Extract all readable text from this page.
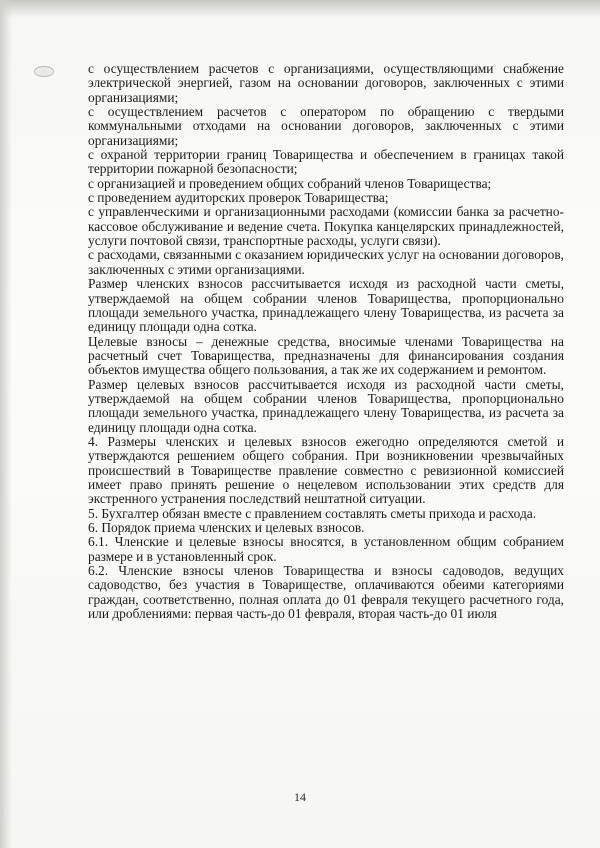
с осуществлением расчетов с организациями, осуществляющими снабжение электрической энергией, газом на основании договоров, заключенных с этими организациями;

с осуществлением расчетов с оператором по обращению с твердыми коммунальными отходами на основании договоров, заключенных с этими организациями;

с охраной территории границ Товарищества и обеспечением в границах такой территории пожарной безопасности;

с организацией и проведением общих собраний членов Товарищества;

с проведением аудиторских проверок Товарищества;

с управленческими и организационными расходами (комиссии банка за расчетно-кассовое обслуживание и ведение счета. Покупка канцелярских принадлежностей, услуги почтовой связи, транспортные расходы, услуги связи).

с расходами, связанными с оказанием юридических услуг на основании договоров, заключенных с этими организациями.

Размер членских взносов рассчитывается исходя из расходной части сметы, утверждаемой на общем собрании членов Товарищества, пропорционально площади земельного участка, принадлежащего члену Товарищества, из расчета за единицу площади одна сотка.

Целевые взносы – денежные средства, вносимые членами Товарищества на расчетный счет Товарищества, предназначены для финансирования создания объектов имущества общего пользования, а так же их содержанием и ремонтом.

Размер целевых взносов рассчитывается исходя из расходной части сметы, утверждаемой на общем собрании членов Товарищества, пропорционально площади земельного участка, принадлежащего члену Товарищества, из расчета за единицу площади одна сотка.

4. Размеры членских и целевых взносов ежегодно определяются сметой и утверждаются решением общего собрания. При возникновении чрезвычайных происшествий в Товариществе правление совместно с ревизионной комиссией имеет право принять решение о нецелевом использовании этих средств для экстренного устранения последствий нештатной ситуации.

5. Бухгалтер обязан вместе с правлением составлять сметы прихода и расхода.

6. Порядок приема членских и целевых взносов.

6.1. Членские и целевые взносы вносятся, в установленном общим собранием размере и в установленный срок.

6.2. Членские взносы членов Товарищества и взносы садоводов, ведущих садоводство, без участия в Товариществе, оплачиваются обеими категориями граждан, соответственно, полная оплата до 01 февраля текущего расчетного года, или дроблениями: первая часть-до 01 февраля, вторая часть-до 01 июля

14
